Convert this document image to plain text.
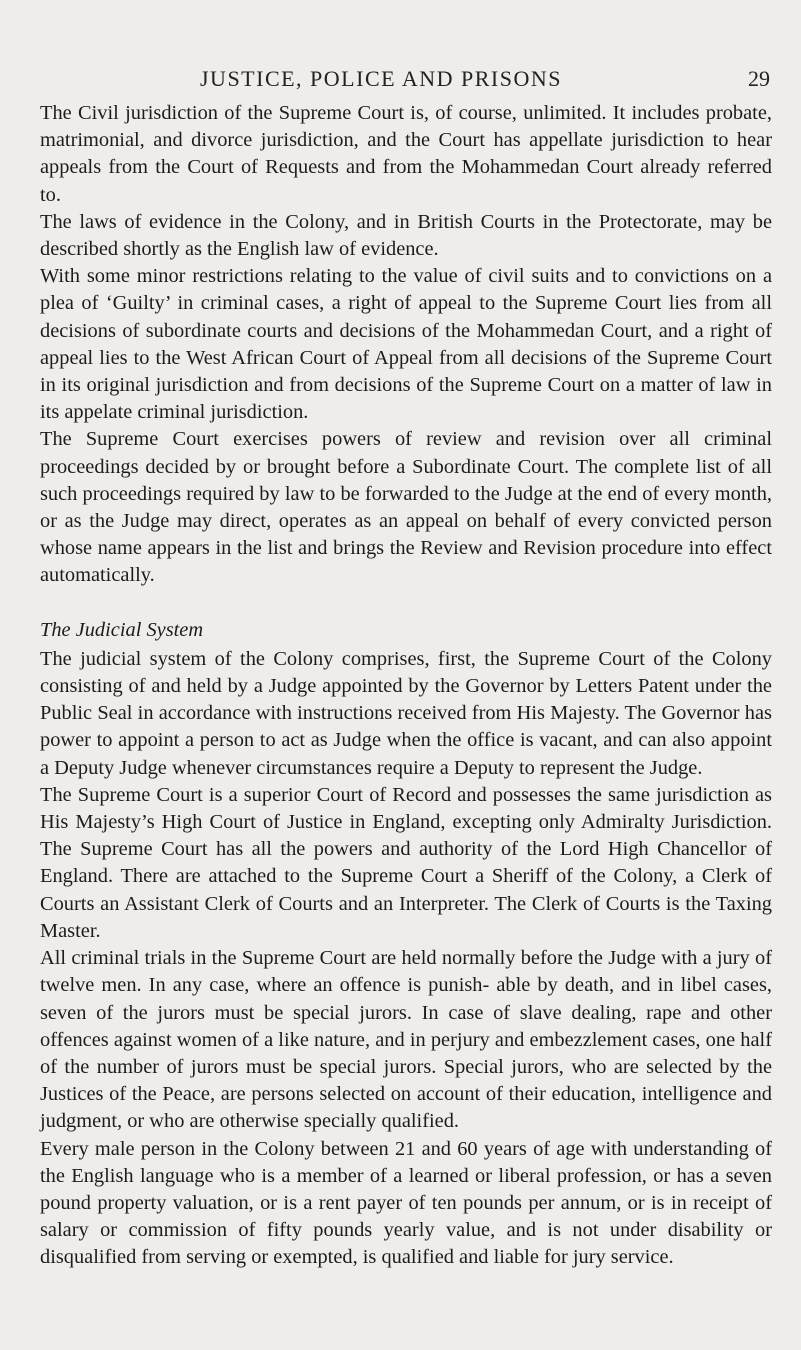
JUSTICE, POLICE AND PRISONS	29

The Civil jurisdiction of the Supreme Court is, of course, unlimited. It includes probate, matrimonial, and divorce jurisdiction, and the Court has appellate jurisdiction to hear appeals from the Court of Requests and from the Mohammedan Court already referred to.

The laws of evidence in the Colony, and in British Courts in the Protectorate, may be described shortly as the English law of evidence.

With some minor restrictions relating to the value of civil suits and to convictions on a plea of ‘Guilty’ in criminal cases, a right of appeal to the Supreme Court lies from all decisions of subordinate courts and decisions of the Mohammedan Court, and a right of appeal lies to the West African Court of Appeal from all decisions of the Supreme Court in its original jurisdiction and from decisions of the Supreme Court on a matter of law in its appelate criminal jurisdiction.

The Supreme Court exercises powers of review and revision over all criminal proceedings decided by or brought before a Subordinate Court. The complete list of all such proceedings required by law to be forwarded to the Judge at the end of every month, or as the Judge may direct, operates as an appeal on behalf of every convicted person whose name appears in the list and brings the Review and Revision procedure into effect automatically.

The Judicial System

The judicial system of the Colony comprises, first, the Supreme Court of the Colony consisting of and held by a Judge appointed by the Governor by Letters Patent under the Public Seal in accordance with instructions received from His Majesty. The Governor has power to appoint a person to act as Judge when the office is vacant, and can also appoint a Deputy Judge whenever circumstances require a Deputy to represent the Judge.

The Supreme Court is a superior Court of Record and possesses the same jurisdiction as His Majesty’s High Court of Justice in England, excepting only Admiralty Jurisdiction. The Supreme Court has all the powers and authority of the Lord High Chancellor of England. There are attached to the Supreme Court a Sheriff of the Colony, a Clerk of Courts an Assistant Clerk of Courts and an Interpreter. The Clerk of Courts is the Taxing Master.

All criminal trials in the Supreme Court are held normally before the Judge with a jury of twelve men. In any case, where an offence is punish- able by death, and in libel cases, seven of the jurors must be special jurors. In case of slave dealing, rape and other offences against women of a like nature, and in perjury and embezzlement cases, one half of the number of jurors must be special jurors. Special jurors, who are selected by the Justices of the Peace, are persons selected on account of their education, intelligence and judgment, or who are otherwise specially qualified.

Every male person in the Colony between 21 and 60 years of age with understanding of the English language who is a member of a learned or liberal profession, or has a seven pound property valuation, or is a rent payer of ten pounds per annum, or is in receipt of salary or commission of fifty pounds yearly value, and is not under disability or disqualified from serving or exempted, is qualified and liable for jury service.
